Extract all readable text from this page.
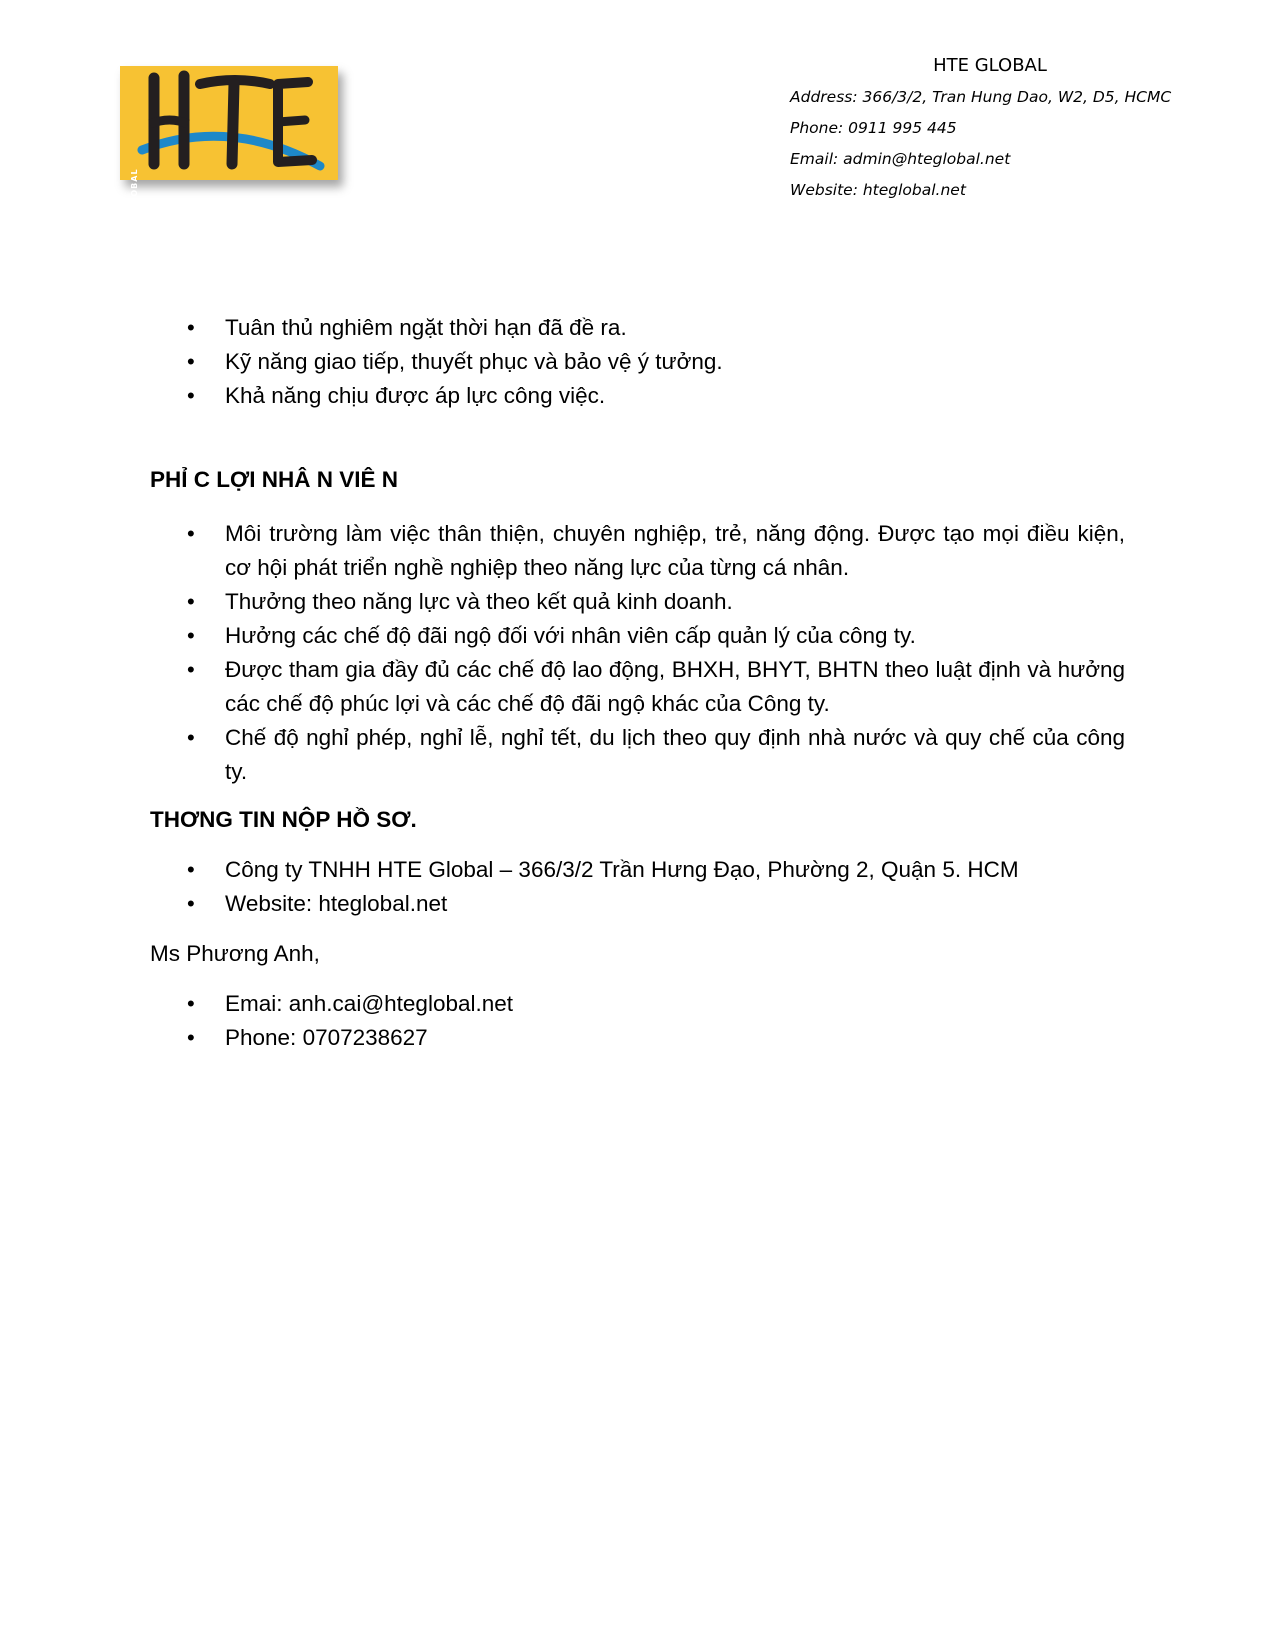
GLOBAL
HTE GLOBAL
Address: 366/3/2, Tran Hung Dao, W2, D5, HCMC
Phone: 0911 995 445
Email: admin@hteglobal.net
Website: hteglobal.net
• Tuân thủ nghiêm ngặt thời hạn đã đề ra.
• Kỹ năng giao tiếp, thuyết phục và bảo vệ ý tưởng.
• Khả năng chịu được áp lực công việc.
PHỈ C LỢI NHÂ N VIÊ N
• Môi trường làm việc thân thiện, chuyên nghiệp, trẻ, năng động. Được tạo mọi điều kiện, cơ hội phát triển nghề nghiệp theo năng lực của từng cá nhân.
• Thưởng theo năng lực và theo kết quả kinh doanh.
• Hưởng các chế độ đãi ngộ đối với nhân viên cấp quản lý của công ty.
• Được tham gia đầy đủ các chế độ lao động, BHXH, BHYT, BHTN theo luật định và hưởng các chế độ phúc lợi và các chế độ đãi ngộ khác của Công ty.
• Chế độ nghỉ phép, nghỉ lễ, nghỉ tết, du lịch theo quy định nhà nước và quy chế của công ty.
THƠNG TIN NỘP HỒ SƠ.
• Công ty TNHH HTE Global – 366/3/2 Trần Hưng Đạo, Phường 2, Quận 5. HCM
• Website: hteglobal.net
Ms Phương Anh,
• Emai: anh.cai@hteglobal.net
• Phone: 0707238627
